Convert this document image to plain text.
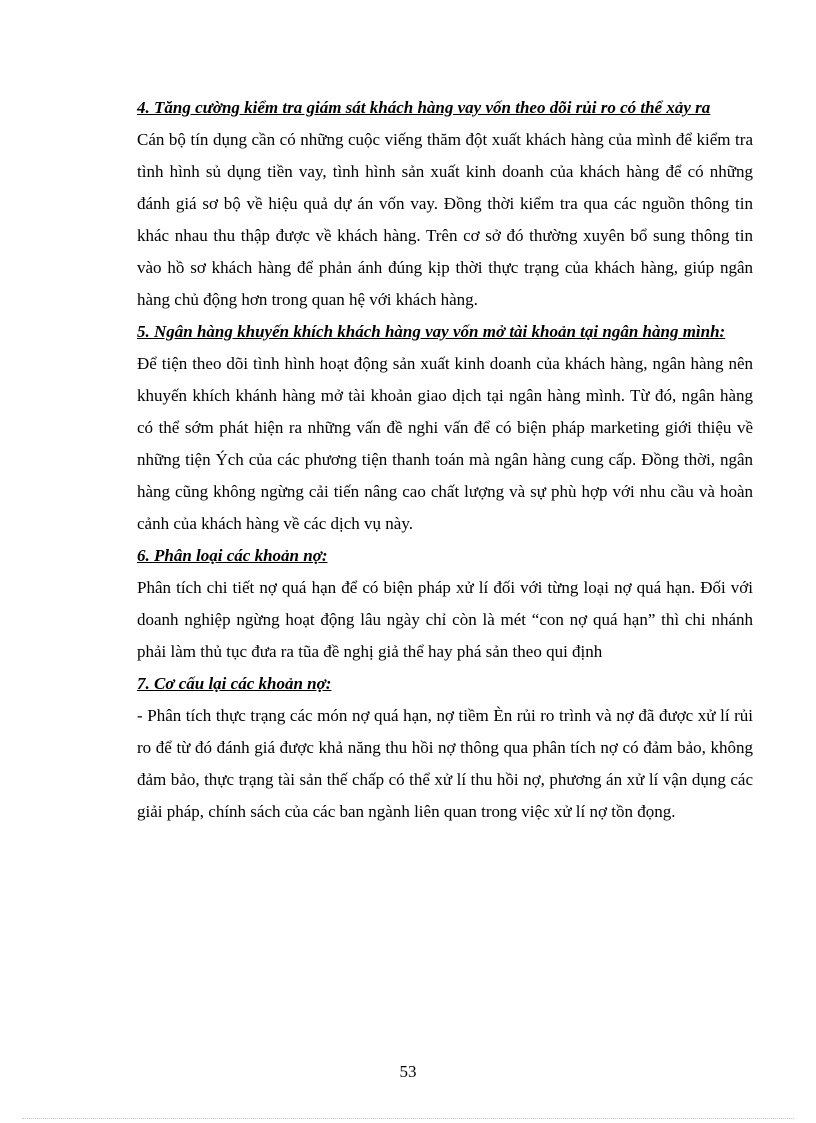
4. Tăng cường kiểm tra giám sát khách hàng vay vốn theo dõi rủi ro có thể xảy ra

Cán bộ tín dụng cần có những cuộc viếng thăm đột xuất khách hàng của mình để kiểm tra tình hình sủ dụng tiền vay, tình hình sản xuất kinh doanh của khách hàng để có những đánh giá sơ bộ về hiệu quả dự án vốn vay. Đồng thời kiểm tra qua các nguồn thông tin khác nhau thu thập được về khách hàng. Trên cơ sở đó thường xuyên bổ sung thông tin vào hồ sơ khách hàng để phản ánh đúng kịp thời thực trạng của khách hàng, giúp ngân hàng chủ động hơn trong quan hệ với khách hàng.

5. Ngân hàng khuyến khích khách hàng vay vốn mở tài khoản tại ngân hàng mình:

Để tiện theo dõi tình hình hoạt động sản xuất kinh doanh của khách hàng, ngân hàng nên khuyến khích khánh hàng mở tài khoản giao dịch tại ngân hàng mình. Từ đó, ngân hàng có thể sớm phát hiện ra những vấn đề nghi vấn để có biện pháp marketing giới thiệu về những tiện Ých của các phương tiện thanh toán mà ngân hàng cung cấp. Đồng thời, ngân hàng cũng không ngừng cải tiến nâng cao chất lượng và sự phù hợp với nhu cầu và hoàn cảnh của khách hàng về các dịch vụ này.

6. Phân loại các khoản nợ:

Phân tích chi tiết nợ quá hạn để có biện pháp xử lí đối với từng loại nợ quá hạn. Đối với doanh nghiệp ngừng hoạt động lâu ngày chỉ còn là mét “con nợ quá hạn” thì chi nhánh phải làm thủ tục đưa ra tũa đề nghị giả thể hay phá sản theo qui định

7. Cơ cấu lại các khoản nợ:

- Phân tích thực trạng các món nợ quá hạn, nợ tiềm Èn rủi ro trình và nợ đã được xử lí rủi ro để từ đó đánh giá được khả năng thu hồi nợ thông qua phân tích nợ có đảm bảo, không đảm bảo, thực trạng tài sản thế chấp có thể xử lí thu hồi nợ, phương án xử lí vận dụng các giải pháp, chính sách của các ban ngành liên quan trong việc xử lí nợ tồn đọng.

53
